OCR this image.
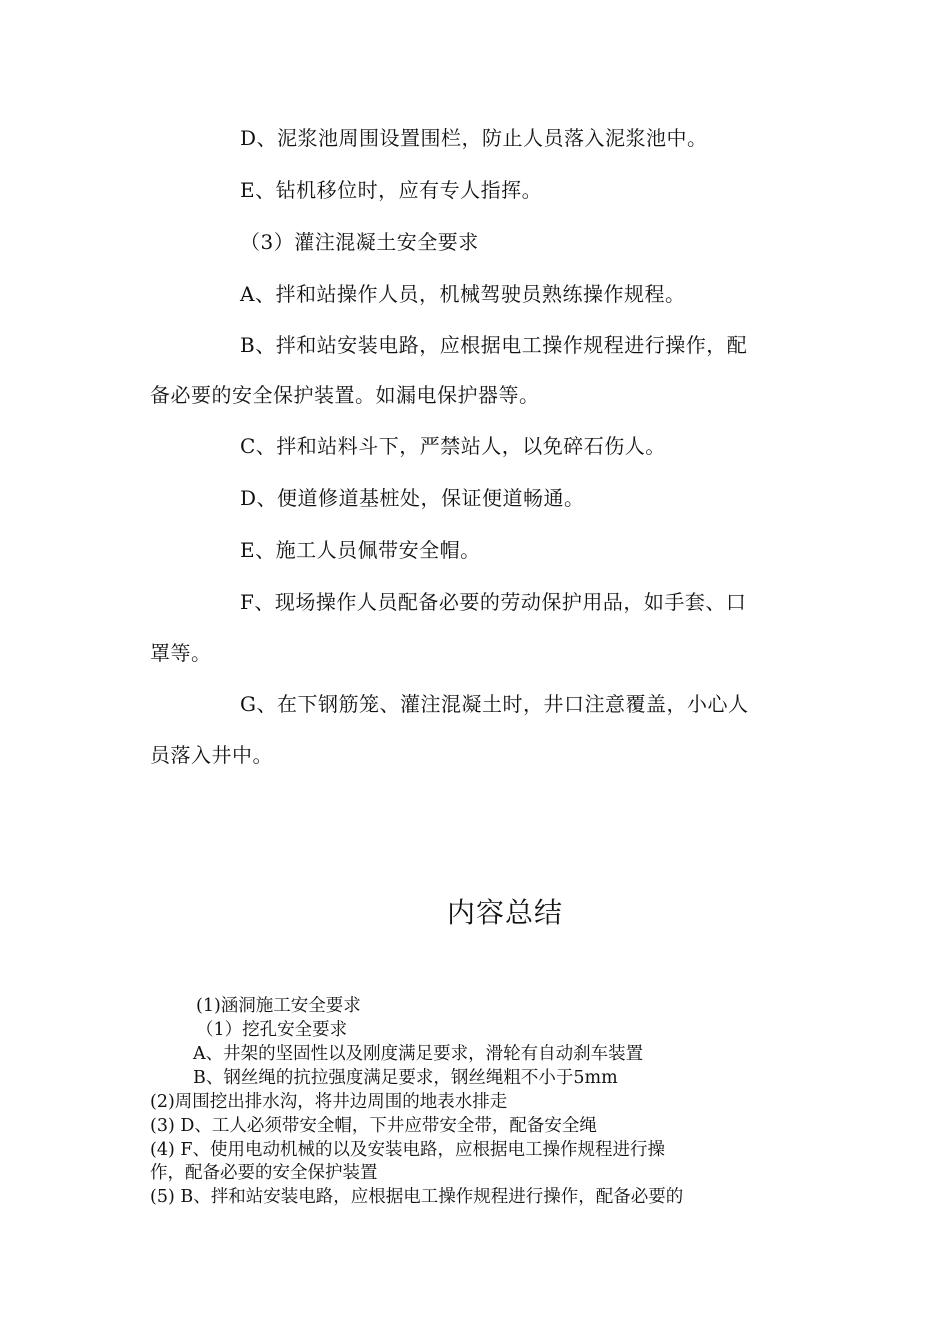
D、泥浆池周围设置围栏，防止人员落入泥浆池中。
E、钻机移位时，应有专人指挥。
（3）灌注混凝土安全要求
A、拌和站操作人员，机械驾驶员熟练操作规程。
B、拌和站安装电路，应根据电工操作规程进行操作，配
备必要的安全保护装置。如漏电保护器等。
C、拌和站料斗下，严禁站人，以免碎石伤人。
D、便道修道基桩处，保证便道畅通。
E、施工人员佩带安全帽。
F、现场操作人员配备必要的劳动保护用品，如手套、口
罩等。
G、在下钢筋笼、灌注混凝土时，井口注意覆盖，小心人
员落入井中。
内容总结
(1)涵洞施工安全要求
（1）挖孔安全要求
A、井架的坚固性以及刚度满足要求，滑轮有自动刹车装置
B、钢丝绳的抗拉强度满足要求，钢丝绳粗不小于5mm
(2)周围挖出排水沟，将井边周围的地表水排走
(3) D、工人必须带安全帽，下井应带安全带，配备安全绳
(4) F、使用电动机械的以及安装电路，应根据电工操作规程进行操
作，配备必要的安全保护装置
(5) B、拌和站安装电路，应根据电工操作规程进行操作，配备必要的
